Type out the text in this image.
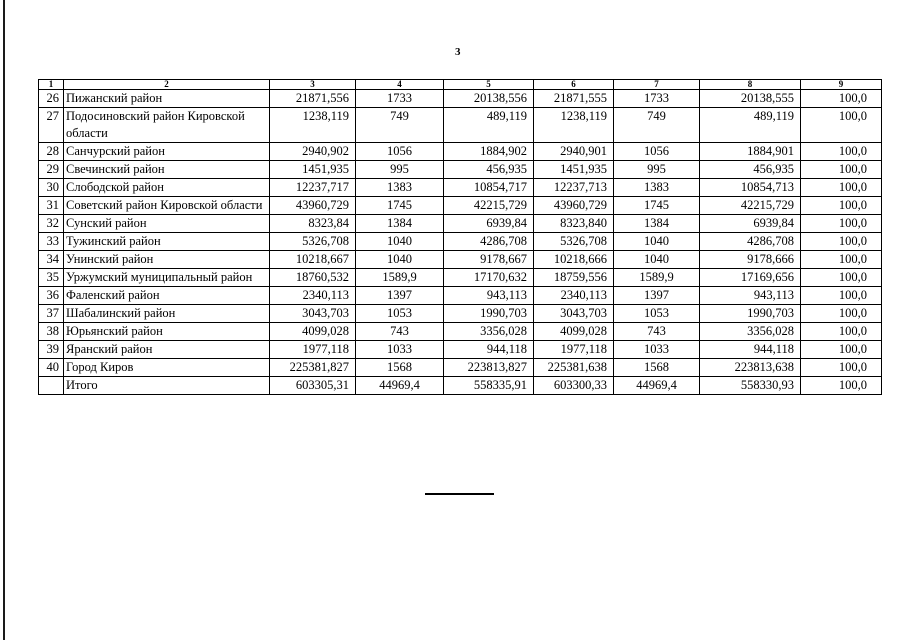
3
1	2	3	4	5	6	7	8	9
26	Пижанский район	21871,556	1733	20138,556	21871,555	1733	20138,555	100,0
27	Подосиновский район Кировской области	1238,119	749	489,119	1238,119	749	489,119	100,0
28	Санчурский район	2940,902	1056	1884,902	2940,901	1056	1884,901	100,0
29	Свечинский район	1451,935	995	456,935	1451,935	995	456,935	100,0
30	Слободской район	12237,717	1383	10854,717	12237,713	1383	10854,713	100,0
31	Советский район Кировской области	43960,729	1745	42215,729	43960,729	1745	42215,729	100,0
32	Сунский район	8323,84	1384	6939,84	8323,840	1384	6939,84	100,0
33	Тужинский район	5326,708	1040	4286,708	5326,708	1040	4286,708	100,0
34	Унинский район	10218,667	1040	9178,667	10218,666	1040	9178,666	100,0
35	Уржумский муниципальный район	18760,532	1589,9	17170,632	18759,556	1589,9	17169,656	100,0
36	Фаленский район	2340,113	1397	943,113	2340,113	1397	943,113	100,0
37	Шабалинский район	3043,703	1053	1990,703	3043,703	1053	1990,703	100,0
38	Юрьянский район	4099,028	743	3356,028	4099,028	743	3356,028	100,0
39	Яранский район	1977,118	1033	944,118	1977,118	1033	944,118	100,0
40	Город Киров	225381,827	1568	223813,827	225381,638	1568	223813,638	100,0
	Итого	603305,31	44969,4	558335,91	603300,33	44969,4	558330,93	100,0
